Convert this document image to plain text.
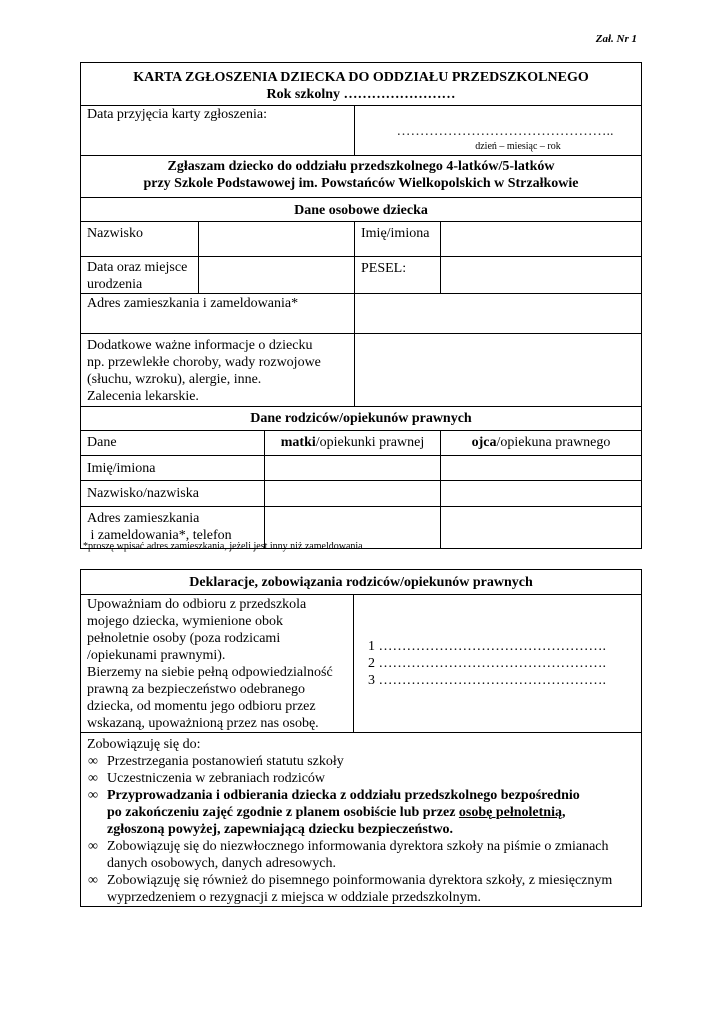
Zał. Nr 1
KARTA ZGŁOSZENIA DZIECKA DO ODDZIAŁU PRZEDSZKOLNEGO
Rok szkolny ……………………				

Data przyjęcia karty zgłoszenia:			………………………………………..
dzień – miesiąc – rok	

Zgłaszam dziecko do oddziału przedszkolnego 4-latków/5-latków
przy Szkole Podstawowej im. Powstańców Wielkopolskich w Strzałkowie				

Dane osobowe dziecka				
Nazwisko			Imię/imiona	

Data oraz miejsce
urodzenia			PESEL:	
Adres zamieszkania i zameldowania*				

Dodatkowe ważne informacje o dziecku
np. przewlekłe choroby, wady rozwojowe
(słuchu, wzroku), alergie, inne.
Zalecenia lekarskie.				

Dane rodziców/opiekunów prawnych				
Dane		matki/opiekunki prawnej		ojca/opiekuna prawnego
Imię/imiona				
Nazwisko/nazwiska				

Adres zamieszkania
i zameldowania*, telefon				

*proszę wpisać adres zamieszkania, jeżeli jest inny niż zameldowania
Deklaracje, zobowiązania rodziców/opiekunów prawnych

Upoważniam do odbioru z przedszkola
mojego dziecka, wymienione obok
pełnoletnie osoby (poza rodzicami
/opiekunami prawnymi).
Bierzemy na siebie pełną odpowiedzialność
prawną za bezpieczeństwo odebranego
dziecka, od momentu jego odbioru przez
wskazaną, upoważnioną przez nas osobę.

1 ………………………………………….
2 ………………………………………….
3 ………………………………………….

Zobowiązuję się do:
∞ Przestrzegania postanowień statutu szkoły
∞ Uczestniczenia w zebraniach rodziców
∞ Przyprowadzania i odbierania dziecka z oddziału przedszkolnego bezpośrednio
po zakończeniu zajęć zgodnie z planem osobiście lub przez osobę pełnoletnią,
zgłoszoną powyżej, zapewniającą dziecku bezpieczeństwo.
∞ Zobowiązuję się do niezwłocznego informowania dyrektora szkoły na piśmie o zmianach
danych osobowych, danych adresowych.
∞ Zobowiązuję się również do pisemnego poinformowania dyrektora szkoły, z miesięcznym
wyprzedzeniem o rezygnacji z miejsca w oddziale przedszkolnym.
